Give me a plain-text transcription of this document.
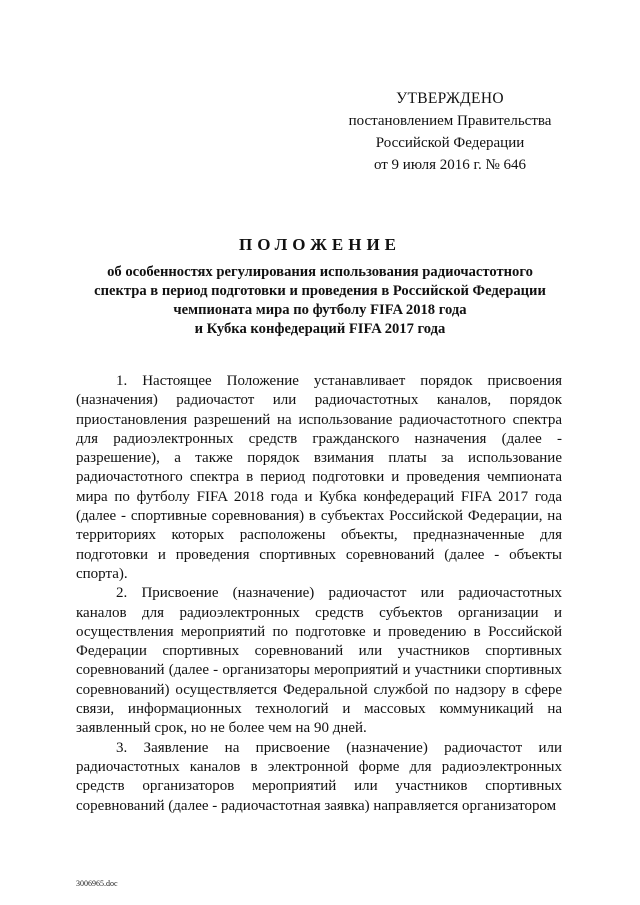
УТВЕРЖДЕНО
постановлением Правительства
Российской Федерации
от 9 июля 2016 г. № 646
ПОЛОЖЕНИЕ
об особенностях регулирования использования радиочастотного
спектра в период подготовки и проведения в Российской Федерации
чемпионата мира по футболу FIFA 2018 года
и Кубка конфедераций FIFA 2017 года

1. Настоящее Положение устанавливает порядок присвоения (назначения) радиочастот или радиочастотных каналов, порядок приостановления разрешений на использование радиочастотного спектра для радиоэлектронных средств гражданского назначения (далее - разрешение), а также порядок взимания платы за использование радиочастотного спектра в период подготовки и проведения чемпионата мира по футболу FIFA 2018 года и Кубка конфедераций FIFA 2017 года (далее - спортивные соревнования) в субъектах Российской Федерации, на территориях которых расположены объекты, предназначенные для подготовки и проведения спортивных соревнований (далее - объекты спорта).

2. Присвоение (назначение) радиочастот или радиочастотных каналов для радиоэлектронных средств субъектов организации и осуществления мероприятий по подготовке и проведению в Российской Федерации спортивных соревнований или участников спортивных соревнований (далее - организаторы мероприятий и участники спортивных соревнований) осуществляется Федеральной службой по надзору в сфере связи, информационных технологий и массовых коммуникаций на заявленный срок, но не более чем на 90 дней.

3. Заявление на присвоение (назначение) радиочастот или радиочастотных каналов в электронной форме для радиоэлектронных средств организаторов мероприятий или участников спортивных соревнований (далее - радиочастотная заявка) направляется организатором

3006965.doc
